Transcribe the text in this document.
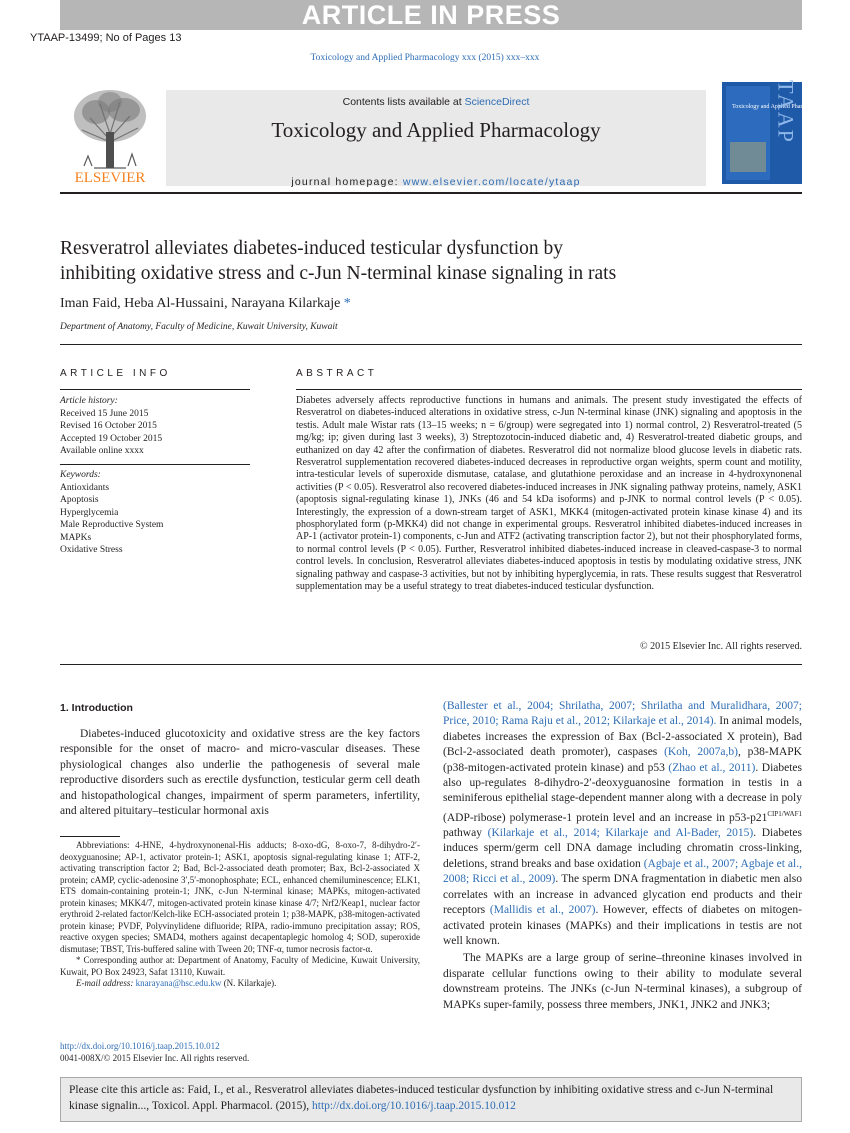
ARTICLE IN PRESS
YTAAP-13499; No of Pages 13
Toxicology and Applied Pharmacology xxx (2015) xxx–xxx
ELSEVIER
Contents lists available at ScienceDirect
Toxicology and Applied Pharmacology
journal homepage: www.elsevier.com/locate/ytaap
Toxicology and Applied Pharmacology
TAAP
Resveratrol alleviates diabetes-induced testicular dysfunction by
inhibiting oxidative stress and c-Jun N-terminal kinase signaling in rats
Iman Faid, Heba Al-Hussaini, Narayana Kilarkaje *
Department of Anatomy, Faculty of Medicine, Kuwait University, Kuwait
ARTICLE INFO	ABSTRACT
Article history:
Received 15 June 2015
Revised 16 October 2015
Accepted 19 October 2015
Available online xxxx
Keywords:
Antioxidants
Apoptosis
Hyperglycemia
Male Reproductive System
MAPKs
Oxidative Stress
Diabetes adversely affects reproductive functions in humans and animals. The present study investigated the effects of Resveratrol on diabetes-induced alterations in oxidative stress, c-Jun N-terminal kinase (JNK) signaling and apoptosis in the testis. Adult male Wistar rats (13–15 weeks; n = 6/group) were segregated into 1) normal control, 2) Resveratrol-treated (5 mg/kg; ip; given during last 3 weeks), 3) Streptozotocin-induced diabetic and, 4) Resveratrol-treated diabetic groups, and euthanized on day 42 after the confirmation of diabetes. Resveratrol did not normalize blood glucose levels in diabetic rats. Resveratrol supplementation recovered diabetes-induced decreases in reproductive organ weights, sperm count and motility, intra-testicular levels of superoxide dismutase, catalase, and glutathione peroxidase and an increase in 4-hydroxynonenal activities (P < 0.05). Resveratrol also recovered diabetes-induced increases in JNK signaling pathway proteins, namely, ASK1 (apoptosis signal-regulating kinase 1), JNKs (46 and 54 kDa isoforms) and p-JNK to normal control levels (P < 0.05). Interestingly, the expression of a down-stream target of ASK1, MKK4 (mitogen-activated protein kinase kinase 4) and its phosphorylated form (p-MKK4) did not change in experimental groups. Resveratrol inhibited diabetes-induced increases in AP-1 (activator protein-1) components, c-Jun and ATF2 (activating transcription factor 2), but not their phosphorylated forms, to normal control levels (P < 0.05). Further, Resveratrol inhibited diabetes-induced increase in cleaved-caspase-3 to normal control levels. In conclusion, Resveratrol alleviates diabetes-induced apoptosis in testis by modulating oxidative stress, JNK signaling pathway and caspase-3 activities, but not by inhibiting hyperglycemia, in rats. These results suggest that Resveratrol supplementation may be a useful strategy to treat diabetes-induced testicular dysfunction.
© 2015 Elsevier Inc. All rights reserved.
1. Introduction

Diabetes-induced glucotoxicity and oxidative stress are the key factors responsible for the onset of macro- and micro-vascular diseases. These physiological changes also underlie the pathogenesis of several male reproductive disorders such as erectile dysfunction, testicular germ cell death and histopathological changes, impairment of sperm parameters, infertility, and altered pituitary–testicular hormonal axis

Abbreviations: 4-HNE, 4-hydroxynonenal-His adducts; 8-oxo-dG, 8-oxo-7, 8-dihydro-2′-deoxyguanosine; AP-1, activator protein-1; ASK1, apoptosis signal-regulating kinase 1; ATF-2, activating transcription factor 2; Bad, Bcl-2-associated death promoter; Bax, Bcl-2-associated X protein; cAMP, cyclic-adenosine 3′,5′-monophosphate; ECL, enhanced chemiluminescence; ELK1, ETS domain-containing protein-1; JNK, c-Jun N-terminal kinase; MAPKs, mitogen-activated protein kinases; MKK4/7, mitogen-activated protein kinase kinase 4/7; Nrf2/Keap1, nuclear factor erythroid 2-related factor/Kelch-like ECH-associated protein 1; p38-MAPK, p38-mitogen-activated protein kinase; PVDF, Polyvinylidene difluoride; RIPA, radio-immuno precipitation assay; ROS, reactive oxygen species; SMAD4, mothers against decapentaplegic homolog 4; SOD, superoxide dismutase; TBST, Tris-buffered saline with Tween 20; TNF-α, tumor necrosis factor-α.
* Corresponding author at: Department of Anatomy, Faculty of Medicine, Kuwait University, Kuwait, PO Box 24923, Safat 13110, Kuwait.
E-mail address: knarayana@hsc.edu.kw (N. Kilarkaje).

(Ballester et al., 2004; Shrilatha, 2007; Shrilatha and Muralidhara, 2007; Price, 2010; Rama Raju et al., 2012; Kilarkaje et al., 2014). In animal models, diabetes increases the expression of Bax (Bcl-2-associated X protein), Bad (Bcl-2-associated death promoter), caspases (Koh, 2007a,b), p38-MAPK (p38-mitogen-activated protein kinase) and p53 (Zhao et al., 2011). Diabetes also up-regulates 8-dihydro-2′-deoxyguanosine formation in testis in a seminiferous epithelial stage-dependent manner along with a decrease in poly (ADP-ribose) polymerase-1 protein level and an increase in $p53-p21^{CIP1/WAF1}$ pathway (Kilarkaje et al., 2014; Kilarkaje and Al-Bader, 2015). Diabetes induces sperm/germ cell DNA damage including chromatin cross-linking, deletions, strand breaks and base oxidation (Agbaje et al., 2007; Agbaje et al., 2008; Ricci et al., 2009). The sperm DNA fragmentation in diabetic men also correlates with an increase in advanced glycation end products and their receptors (Mallidis et al., 2007). However, effects of diabetes on mitogen-activated protein kinases (MAPKs) and their implications in testis are not well known.

The MAPKs are a large group of serine–threonine kinases involved in disparate cellular functions owing to their ability to modulate several downstream proteins. The JNKs (c-Jun N-terminal kinases), a subgroup of MAPKs super-family, possess three members, JNK1, JNK2 and JNK3;

http://dx.doi.org/10.1016/j.taap.2015.10.012
0041-008X/© 2015 Elsevier Inc. All rights reserved.
Please cite this article as: Faid, I., et al., Resveratrol alleviates diabetes-induced testicular dysfunction by inhibiting oxidative stress and c-Jun N-terminal kinase signalin..., Toxicol. Appl. Pharmacol. (2015), http://dx.doi.org/10.1016/j.taap.2015.10.012
